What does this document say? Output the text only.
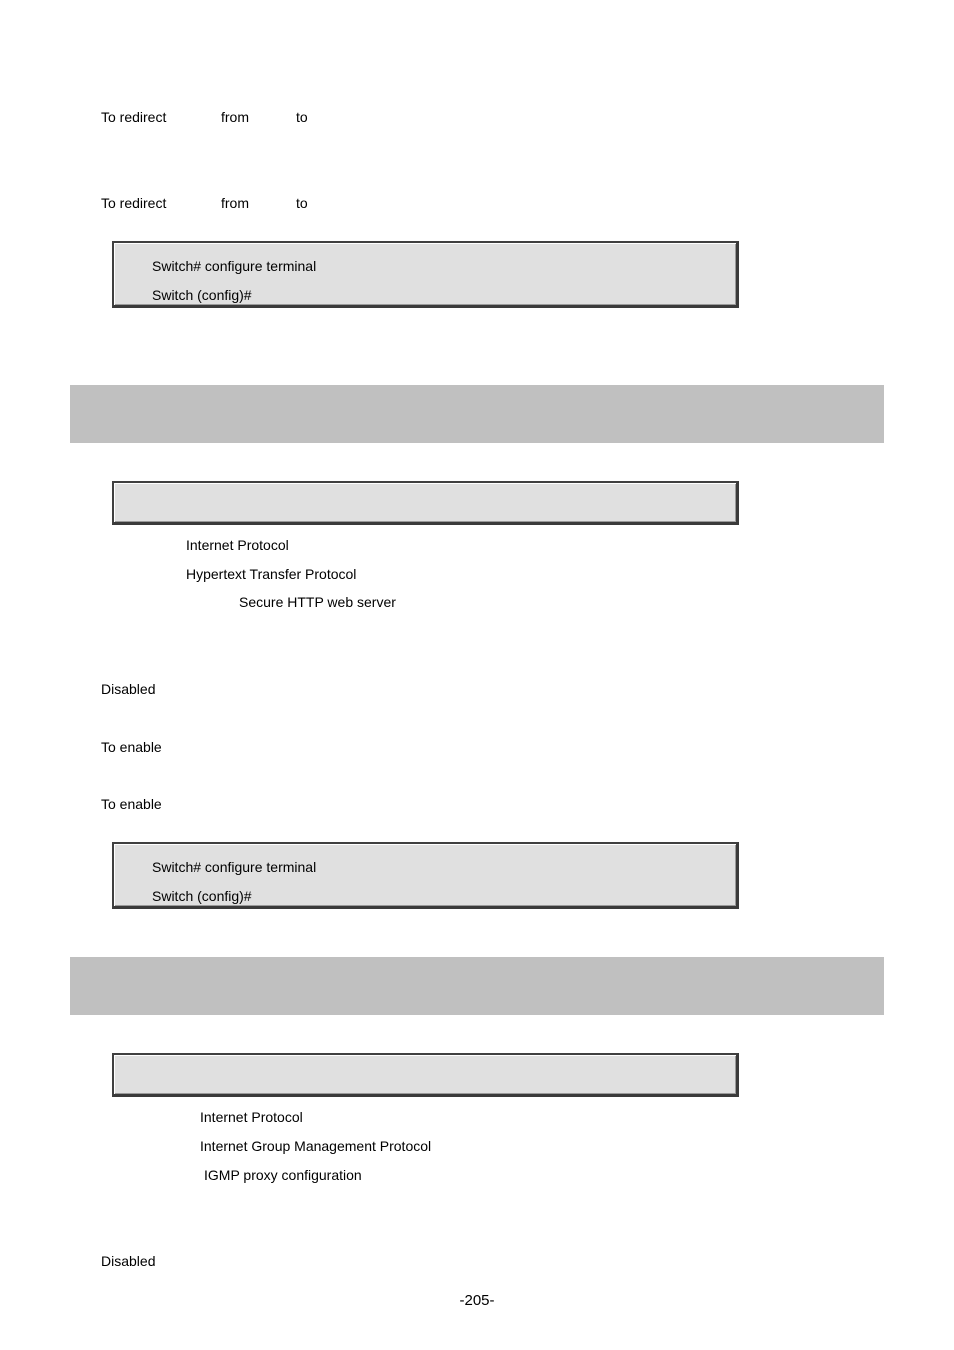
To redirect	from	to
To redirect	from	to
Switch# configure terminal
Switch (config)#
Internet Protocol
Hypertext Transfer Protocol
Secure HTTP web server
Disabled
To enable
To enable
Switch# configure terminal
Switch (config)#
Internet Protocol
Internet Group Management Protocol
IGMP proxy configuration
Disabled
-205-
